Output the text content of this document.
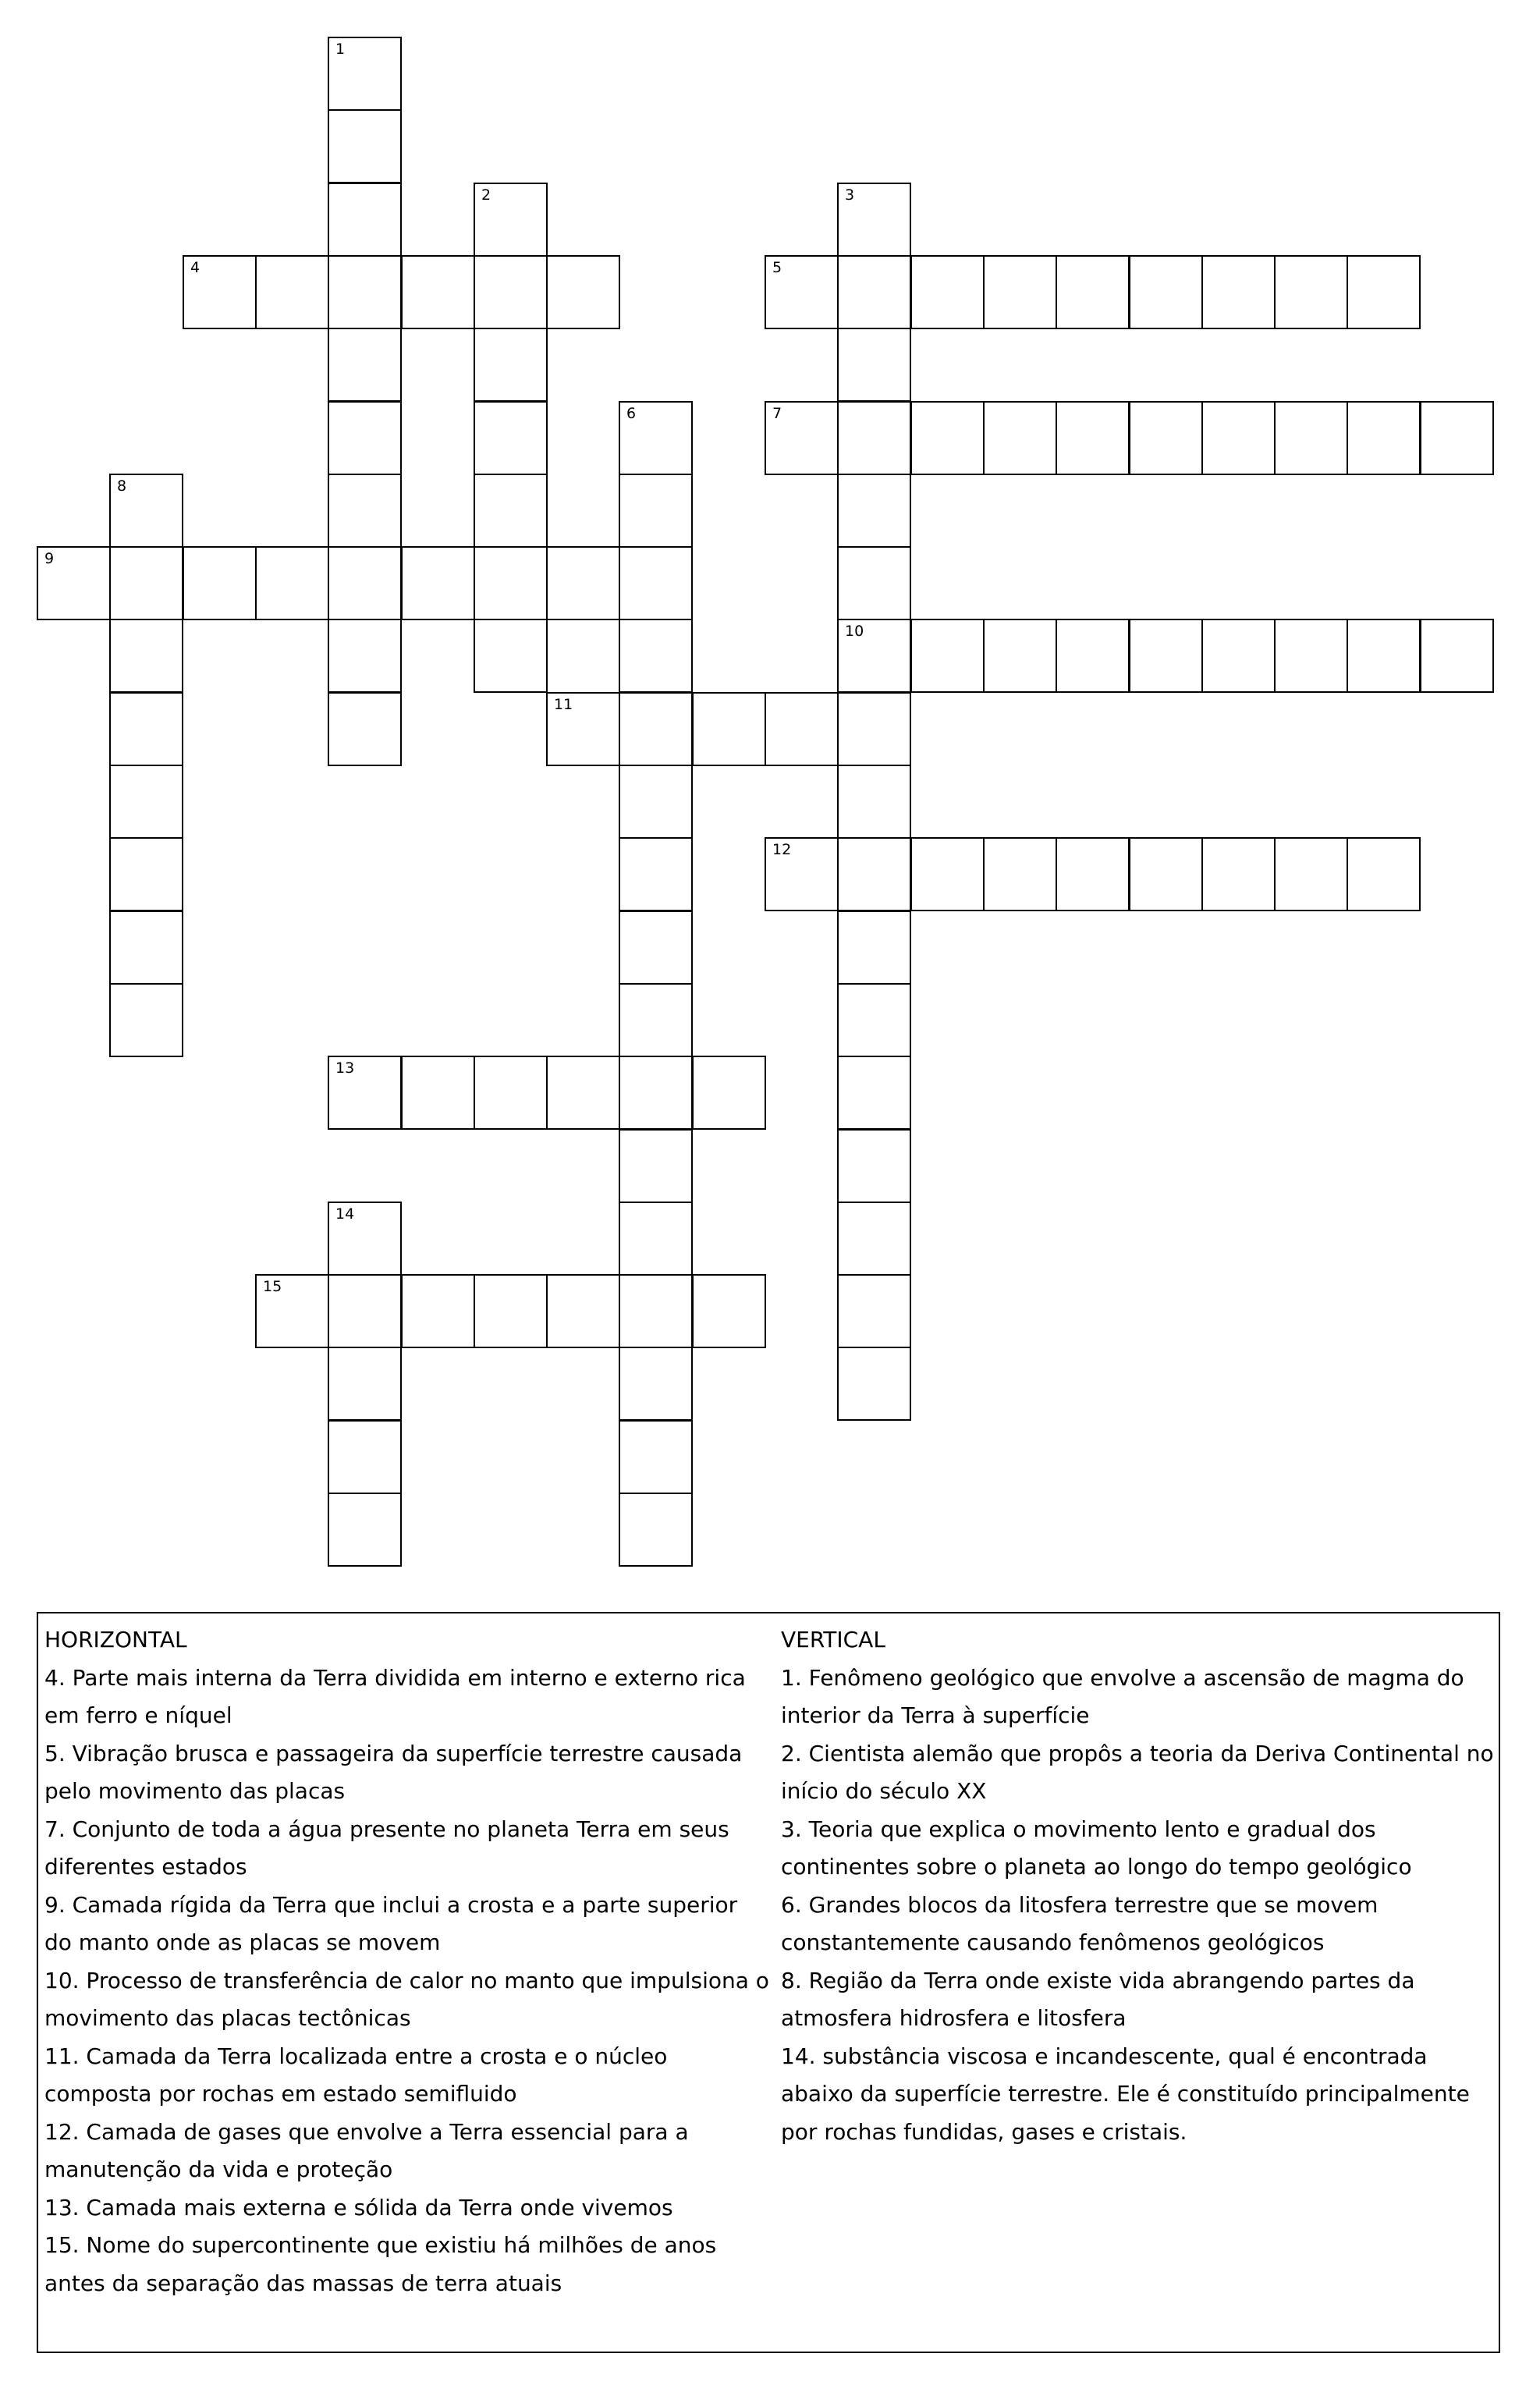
1
2	3
10
4	5
6	7
8
9
11
12
13
14
15

HORIZONTAL

4. Parte mais interna da Terra dividida em interno e externo rica em ferro e níquel

5. Vibração brusca e passageira da superfície terrestre causada pelo movimento das placas

7. Conjunto de toda a água presente no planeta Terra em seus diferentes estados

9. Camada rígida da Terra que inclui a crosta e a parte superior do manto onde as placas se movem

10. Processo de transferência de calor no manto que impulsiona o movimento das placas tectônicas

11. Camada da Terra localizada entre a crosta e o núcleo composta por rochas em estado semifluido

12. Camada de gases que envolve a Terra essencial para a manutenção da vida e proteção

13. Camada mais externa e sólida da Terra onde vivemos

15. Nome do supercontinente que existiu há milhões de anos antes da separação das massas de terra atuais

VERTICAL

1. Fenômeno geológico que envolve a ascensão de magma do interior da Terra à superfície

2. Cientista alemão que propôs a teoria da Deriva Continental no início do século XX

3. Teoria que explica o movimento lento e gradual dos continentes sobre o planeta ao longo do tempo geológico

6. Grandes blocos da litosfera terrestre que se movem constantemente causando fenômenos geológicos

8. Região da Terra onde existe vida abrangendo partes da atmosfera hidrosfera e litosfera

14. substância viscosa e incandescente, qual é encontrada abaixo da superfície terrestre. Ele é constituído principalmente por rochas fundidas, gases e cristais.
